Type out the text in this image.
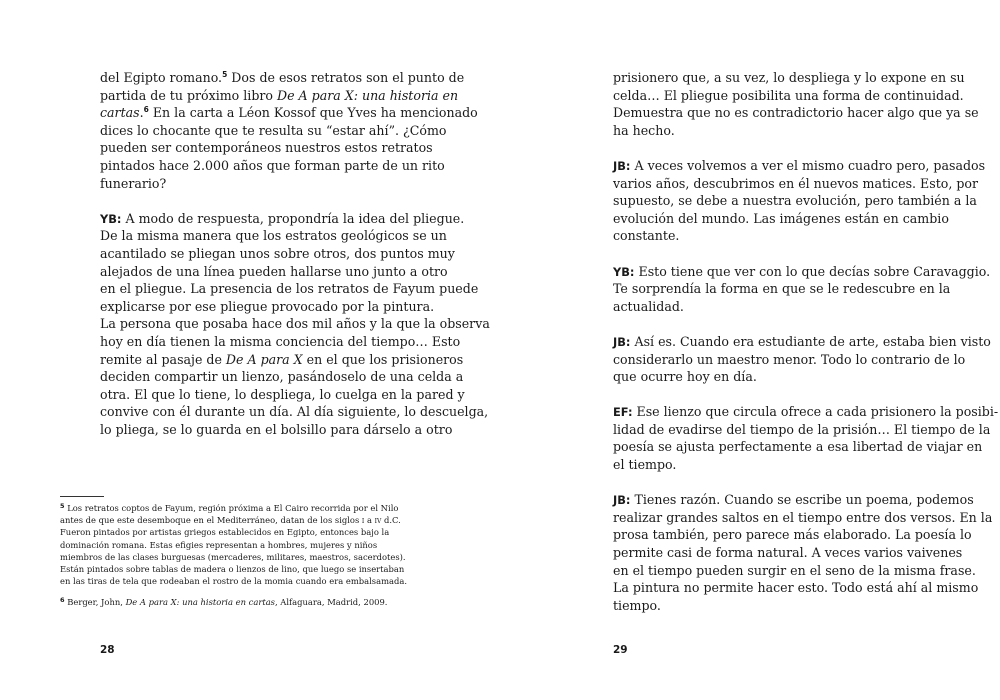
del Egipto romano.$^5$ Dos de esos retratos son el punto de
partida de tu próximo libro De A para X: una historia en
cartas.$^6$ En la carta a Léon Kossof que Yves ha mencionado
dices lo chocante que te resulta su “estar ahí”. ¿Cómo
pueden ser contemporáneos nuestros estos retratos
pintados hace 2.000 años que forman parte de un rito
funerario?
YB: A modo de respuesta, propondría la idea del pliegue.
De la misma manera que los estratos geológicos se un
acantilado se pliegan unos sobre otros, dos puntos muy
alejados de una línea pueden hallarse uno junto a otro
en el pliegue. La presencia de los retratos de Fayum puede
explicarse por ese pliegue provocado por la pintura.
La persona que posaba hace dos mil años y la que la observa
hoy en día tienen la misma conciencia del tiempo… Esto
remite al pasaje de De A para X en el que los prisioneros
deciden compartir un lienzo, pasándoselo de una celda a
otra. El que lo tiene, lo despliega, lo cuelga en la pared y
convive con él durante un día. Al día siguiente, lo descuelga,
lo pliega, se lo guarda en el bolsillo para dárselo a otro
$^5$ Los retratos coptos de Fayum, región próxima a El Cairo recorrida por el Nilo
antes de que este desemboque en el Mediterráneo, datan de los siglos i a iv d.C.
Fueron pintados por artistas griegos establecidos en Egipto, entonces bajo la
dominación romana. Estas efigies representan a hombres, mujeres y niños
miembros de las clases burguesas (mercaderes, militares, maestros, sacerdotes).
Están pintados sobre tablas de madera o lienzos de lino, que luego se insertaban
en las tiras de tela que rodeaban el rostro de la momia cuando era embalsamada.
$^6$ Berger, John, De A para X: una historia en cartas, Alfaguara, Madrid, 2009.
28
prisionero que, a su vez, lo despliega y lo expone en su
celda… El pliegue posibilita una forma de continuidad.
Demuestra que no es contradictorio hacer algo que ya se
ha hecho.
JB: A veces volvemos a ver el mismo cuadro pero, pasados
varios años, descubrimos en él nuevos matices. Esto, por
supuesto, se debe a nuestra evolución, pero también a la
evolución del mundo. Las imágenes están en cambio
constante.
YB: Esto tiene que ver con lo que decías sobre Caravaggio.
Te sorprendía la forma en que se le redescubre en la
actualidad.
JB: Así es. Cuando era estudiante de arte, estaba bien visto
considerarlo un maestro menor. Todo lo contrario de lo
que ocurre hoy en día.
EF: Ese lienzo que circula ofrece a cada prisionero la posibi-
lidad de evadirse del tiempo de la prisión… El tiempo de la
poesía se ajusta perfectamente a esa libertad de viajar en
el tiempo.
JB: Tienes razón. Cuando se escribe un poema, podemos
realizar grandes saltos en el tiempo entre dos versos. En la
prosa también, pero parece más elaborado. La poesía lo
permite casi de forma natural. A veces varios vaivenes
en el tiempo pueden surgir en el seno de la misma frase.
La pintura no permite hacer esto. Todo está ahí al mismo
tiempo.
29
